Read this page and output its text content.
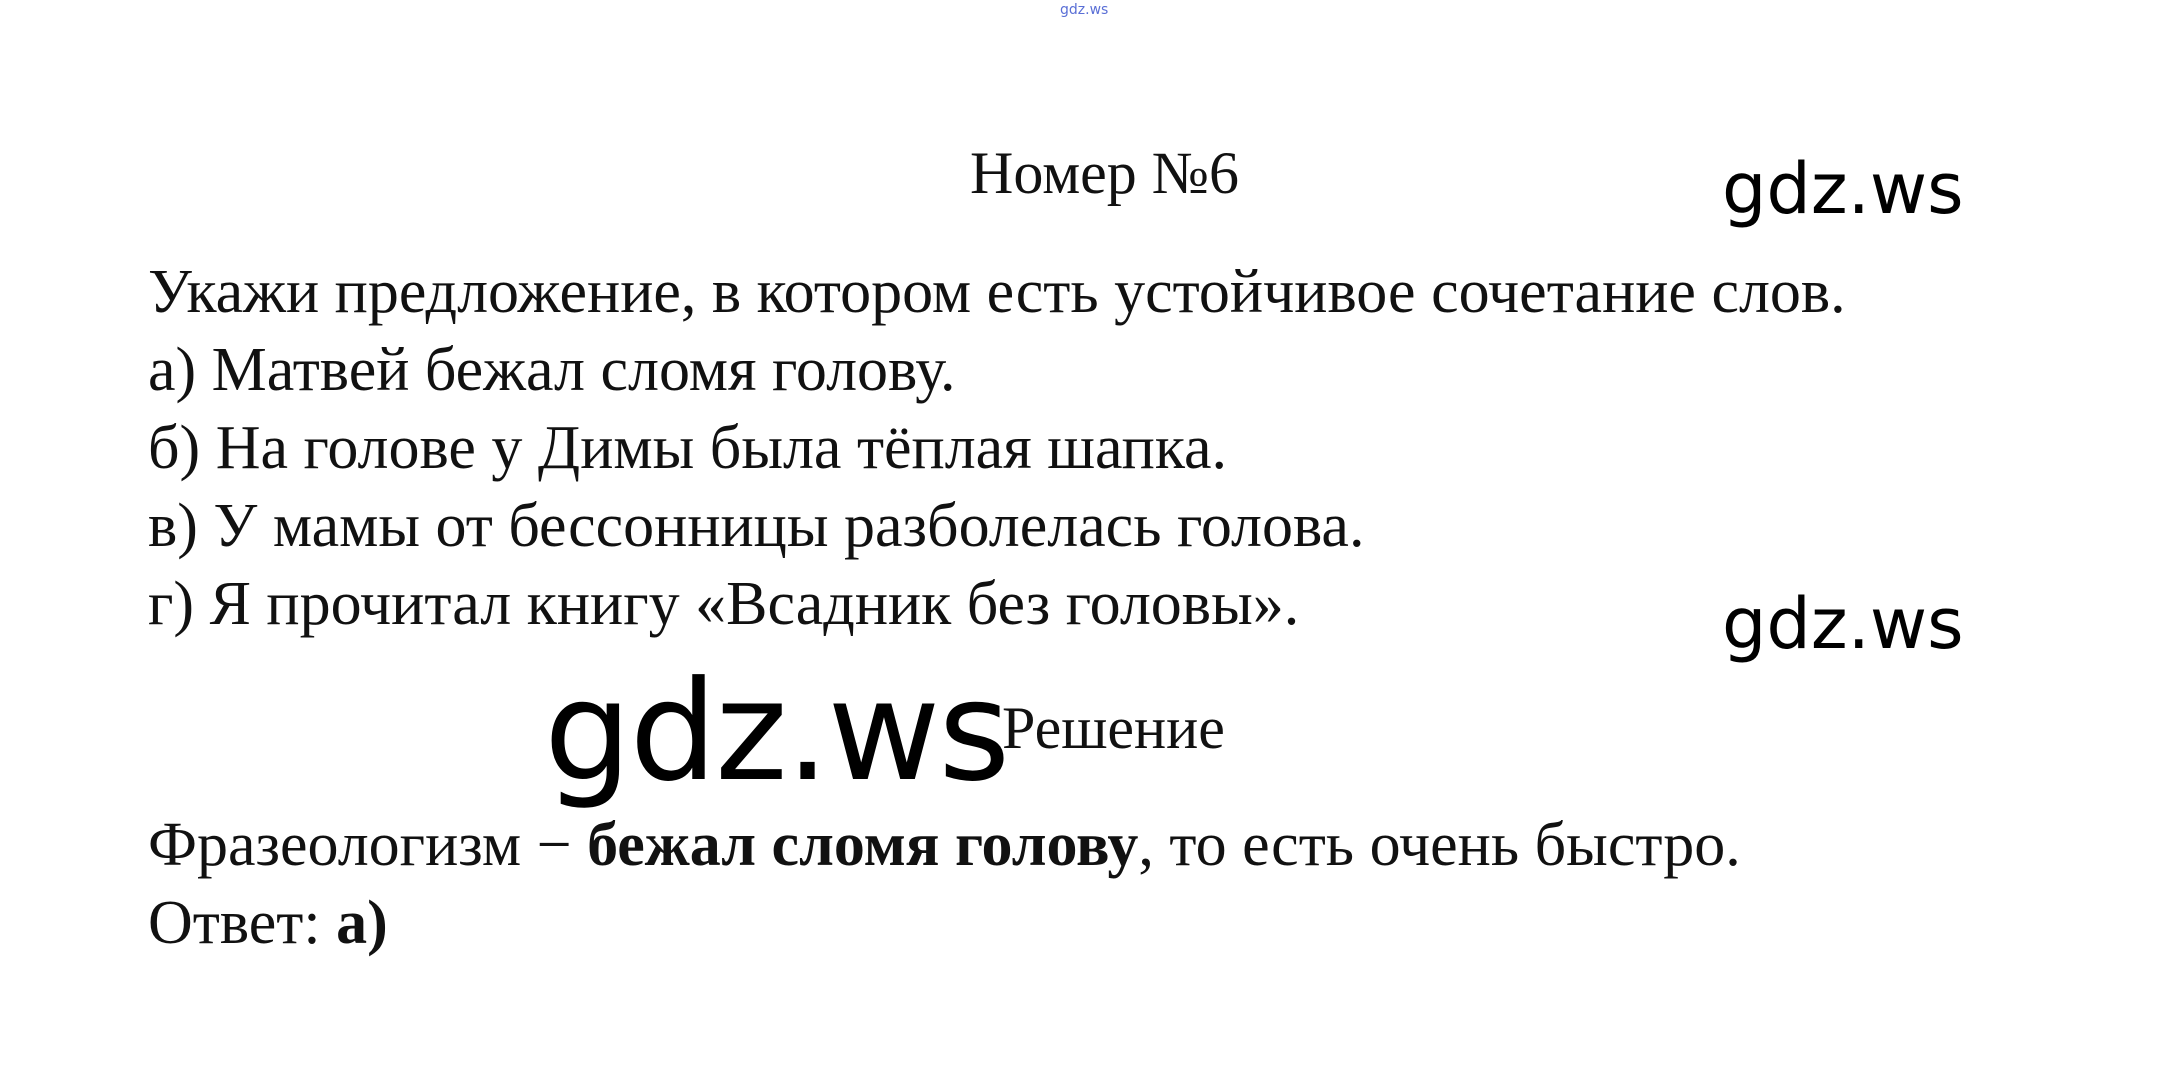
gdz.ws
Номер №6	gdz.ws
Укажи предложение, в котором есть устойчивое сочетание слов.
а) Матвей бежал сломя голову.
б) На голове у Димы была тёплая шапка.
в) У мамы от бессонницы разболелась голова.
г) Я прочитал книгу «Всадник без головы».	gdz.ws
gdz.ws
Решение
Фразеологизм − бежал сломя голову, то есть очень быстро.
Ответ: а)
